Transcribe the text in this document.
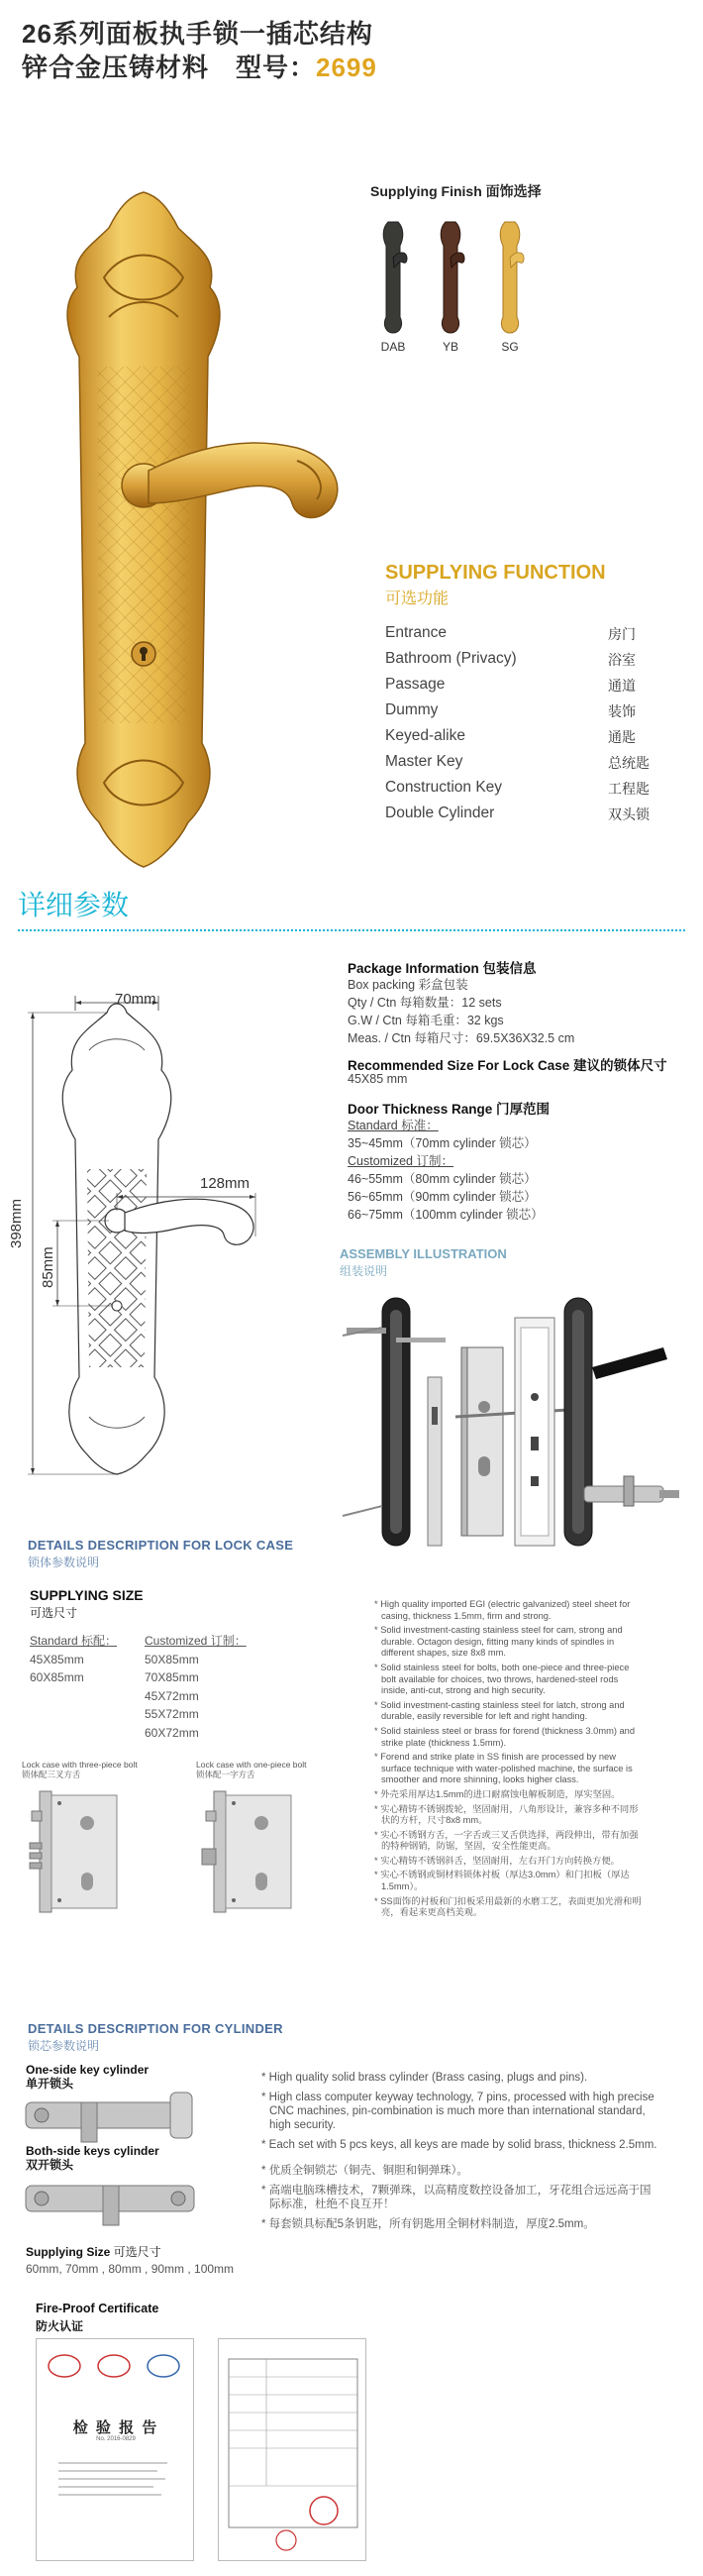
26系列面板执手锁一插芯结构
锌合金压铸材料　型号：2699
Supplying Finish 面饰选择
DAB	YB	SG
SUPPLYING FUNCTION
可选功能
Entrance	房门
Bathroom (Privacy)	浴室
Passage	通道
Dummy	装饰
Keyed-alike	通匙
Master Key	总统匙
Construction Key	工程匙
Double Cylinder	双头锁
详细参数
70mm
128mm
398mm
85mm
Package Information 包装信息
Box packing 彩盒包装
Qty / Ctn 每箱数量：12 sets
G.W / Ctn 每箱毛重：32 kgs
Meas. / Ctn 每箱尺寸：69.5X36X32.5 cm
Recommended Size For Lock Case 建议的锁体尺寸
45X85 mm
Door Thickness Range 门厚范围
Standard 标准：
35~45mm（70mm cylinder 锁芯）
Customized 订制：
46~55mm（80mm cylinder 锁芯）
56~65mm（90mm cylinder 锁芯）
66~75mm（100mm cylinder 锁芯）
ASSEMBLY ILLUSTRATION
组装说明
DETAILS DESCRIPTION FOR LOCK CASE
锁体参数说明
SUPPLYING SIZE
可选尺寸
Standard 标配：
45X85mm
60X85mm
Customized 订制：
50X85mm
70X85mm
45X72mm
55X72mm
60X72mm

* High quality imported EGI (electric galvanized) steel sheet for casing, thickness 1.5mm, firm and strong.

* Solid investment-casting stainless steel for cam, strong and durable. Octagon design, fitting many kinds of spindles in different shapes, size 8x8 mm.

* Solid stainless steel for bolts, both one-piece and three-piece bolt available for choices, two throws, hardened-steel rods inside, anti-cut, strong and high security.

* Solid investment-casting stainless steel for latch, strong and durable, easily reversible for left and right handing.

* Solid stainless steel or brass for forend (thickness 3.0mm) and strike plate (thickness 1.5mm).

* Forend and strike plate in SS finish are processed by new surface technique with water-polished machine, the surface is smoother and more shinning, looks higher class.

* 外壳采用厚达1.5mm的进口耐腐蚀电解板制造，厚实坚固。

* 实心精铸不锈钢拨轮，坚固耐用，八角形设计，兼容多种不同形状的方杆，尺寸8x8 mm。

* 实心不锈钢方舌，一字舌或三叉舌供选择，两段伸出，带有加强的特种钢销，防锯，坚固，安全性能更高。

* 实心精铸不锈钢斜舌，坚固耐用，左右开门方向转换方便。

* 实心不锈钢或铜材料锁体衬板（厚达3.0mm）和门扣板（厚达1.5mm）。

* SS面饰的衬板和门扣板采用最新的水磨工艺，表面更加光滑和明亮，看起来更高档美观。

Lock case with three-piece bolt
锁体配三叉方舌
Lock case with one-piece bolt
锁体配一字方舌
DETAILS DESCRIPTION FOR CYLINDER
锁芯参数说明
One-side key cylinder
单开锁头
Both-side keys cylinder
双开锁头
Supplying Size 可选尺寸
60mm, 70mm , 80mm , 90mm , 100mm

* High quality solid brass cylinder (Brass casing, plugs and pins).

* High class computer keyway technology, 7 pins, processed with high precise CNC machines, pin-combination is much more than international standard, high security.

* Each set with 5 pcs keys, all keys are made by solid brass, thickness 2.5mm.

* 优质全铜锁芯（铜壳、铜胆和铜弹珠）。

* 高端电脑珠槽技术，7颗弹珠，以高精度数控设备加工，牙花组合远远高于国际标准，杜绝不良互开！

* 每套锁具标配5条钥匙，所有钥匙用全铜材料制造，厚度2.5mm。

Fire-Proof Certificate
防火认证
检 验 报 告
No. 2016-0829
